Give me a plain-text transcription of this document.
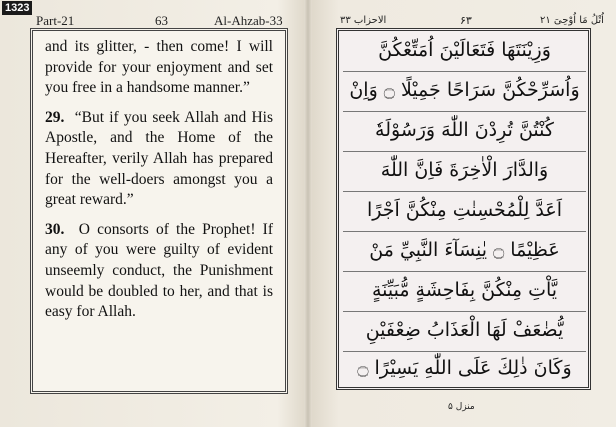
1323
Part-21	63	Al-Ahzab-33

and its glitter, - then come! I will provide for your enjoyment and set you free in a handsome manner.”

29. “But if you seek Allah and His Apostle, and the Home of the Hereafter, verily Allah has prepared for the well-doers amongst you a great reward.”

30. O consorts of the Prophet! If any of you were guilty of evident unseemly conduct, the Punishment would be doubled to her, and that is easy for Allah.

اُتْلُ مَا اُوْحِیَ ۲۱
۶۳
الاحزاب ۳۳
وَزِيْنَتَهَا فَتَعَالَيْنَ اُمَتِّعْكُنَّ
وَاُسَرِّحْكُنَّ سَرَاحًا جَمِيْلًا ۝ وَاِنْ
كُنْتُنَّ تُرِدْنَ اللّٰهَ وَرَسُوْلَهٗ
وَالدَّارَ الْاٰخِرَةَ فَاِنَّ اللّٰهَ
اَعَدَّ لِلْمُحْسِنٰتِ مِنْكُنَّ اَجْرًا
عَظِيْمًا ۝ يٰنِسَآءَ النَّبِيِّ مَنْ
يَّاْتِ مِنْكُنَّ بِفَاحِشَةٍ مُّبَيِّنَةٍ
يُّضٰعَفْ لَهَا الْعَذَابُ ضِعْفَيْنِ
وَكَانَ ذٰلِكَ عَلَى اللّٰهِ يَسِيْرًا ۝
منزل ۵
